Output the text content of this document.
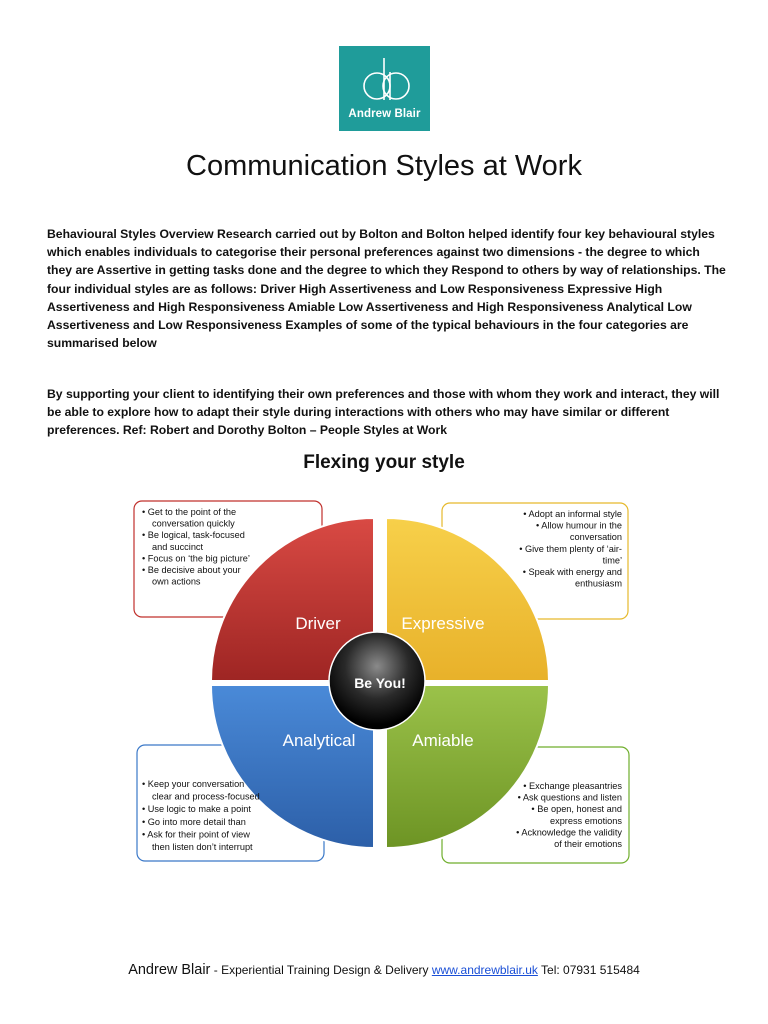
Andrew Blair
Communication Styles at Work

Behavioural Styles Overview Research carried out by Bolton and Bolton helped identify four key behavioural styles which enables individuals to categorise their personal preferences against two dimensions - the degree to which they are Assertive in getting tasks done and the degree to which they Respond to others by way of relationships. The four individual styles are as follows: Driver High Assertiveness and Low Responsiveness Expressive High Assertiveness and High Responsiveness Amiable Low Assertiveness and High Responsiveness Analytical Low Assertiveness and Low Responsiveness Examples of some of the typical behaviours in the four categories are summarised below

By supporting your client to identifying their own preferences and those with whom they work and interact, they will be able to explore how to adapt their style during interactions with others who may have similar or different preferences. Ref: Robert and Dorothy Bolton – People Styles at Work

Flexing your style
Driver	Expressive
Analytical	Amiable
Be You!
• Get to the point of the
conversation quickly
• Be logical, task-focused
and succinct
• Focus on ‘the big picture’
• Be decisive about your
own actions
• Adopt an informal style
• Allow humour in the
conversation
• Give them plenty of ‘air-
time’
• Speak with energy and
enthusiasm
• Keep your conversation
clear and process-focused
• Use logic to make a point
• Go into more detail than
• Ask for their point of view
then listen don’t interrupt
• Exchange pleasantries
• Ask questions and listen
• Be open, honest and
express emotions
• Acknowledge the validity
of their emotions
Andrew Blair - Experiential Training Design & Delivery www.andrewblair.uk Tel: 07931 515484
